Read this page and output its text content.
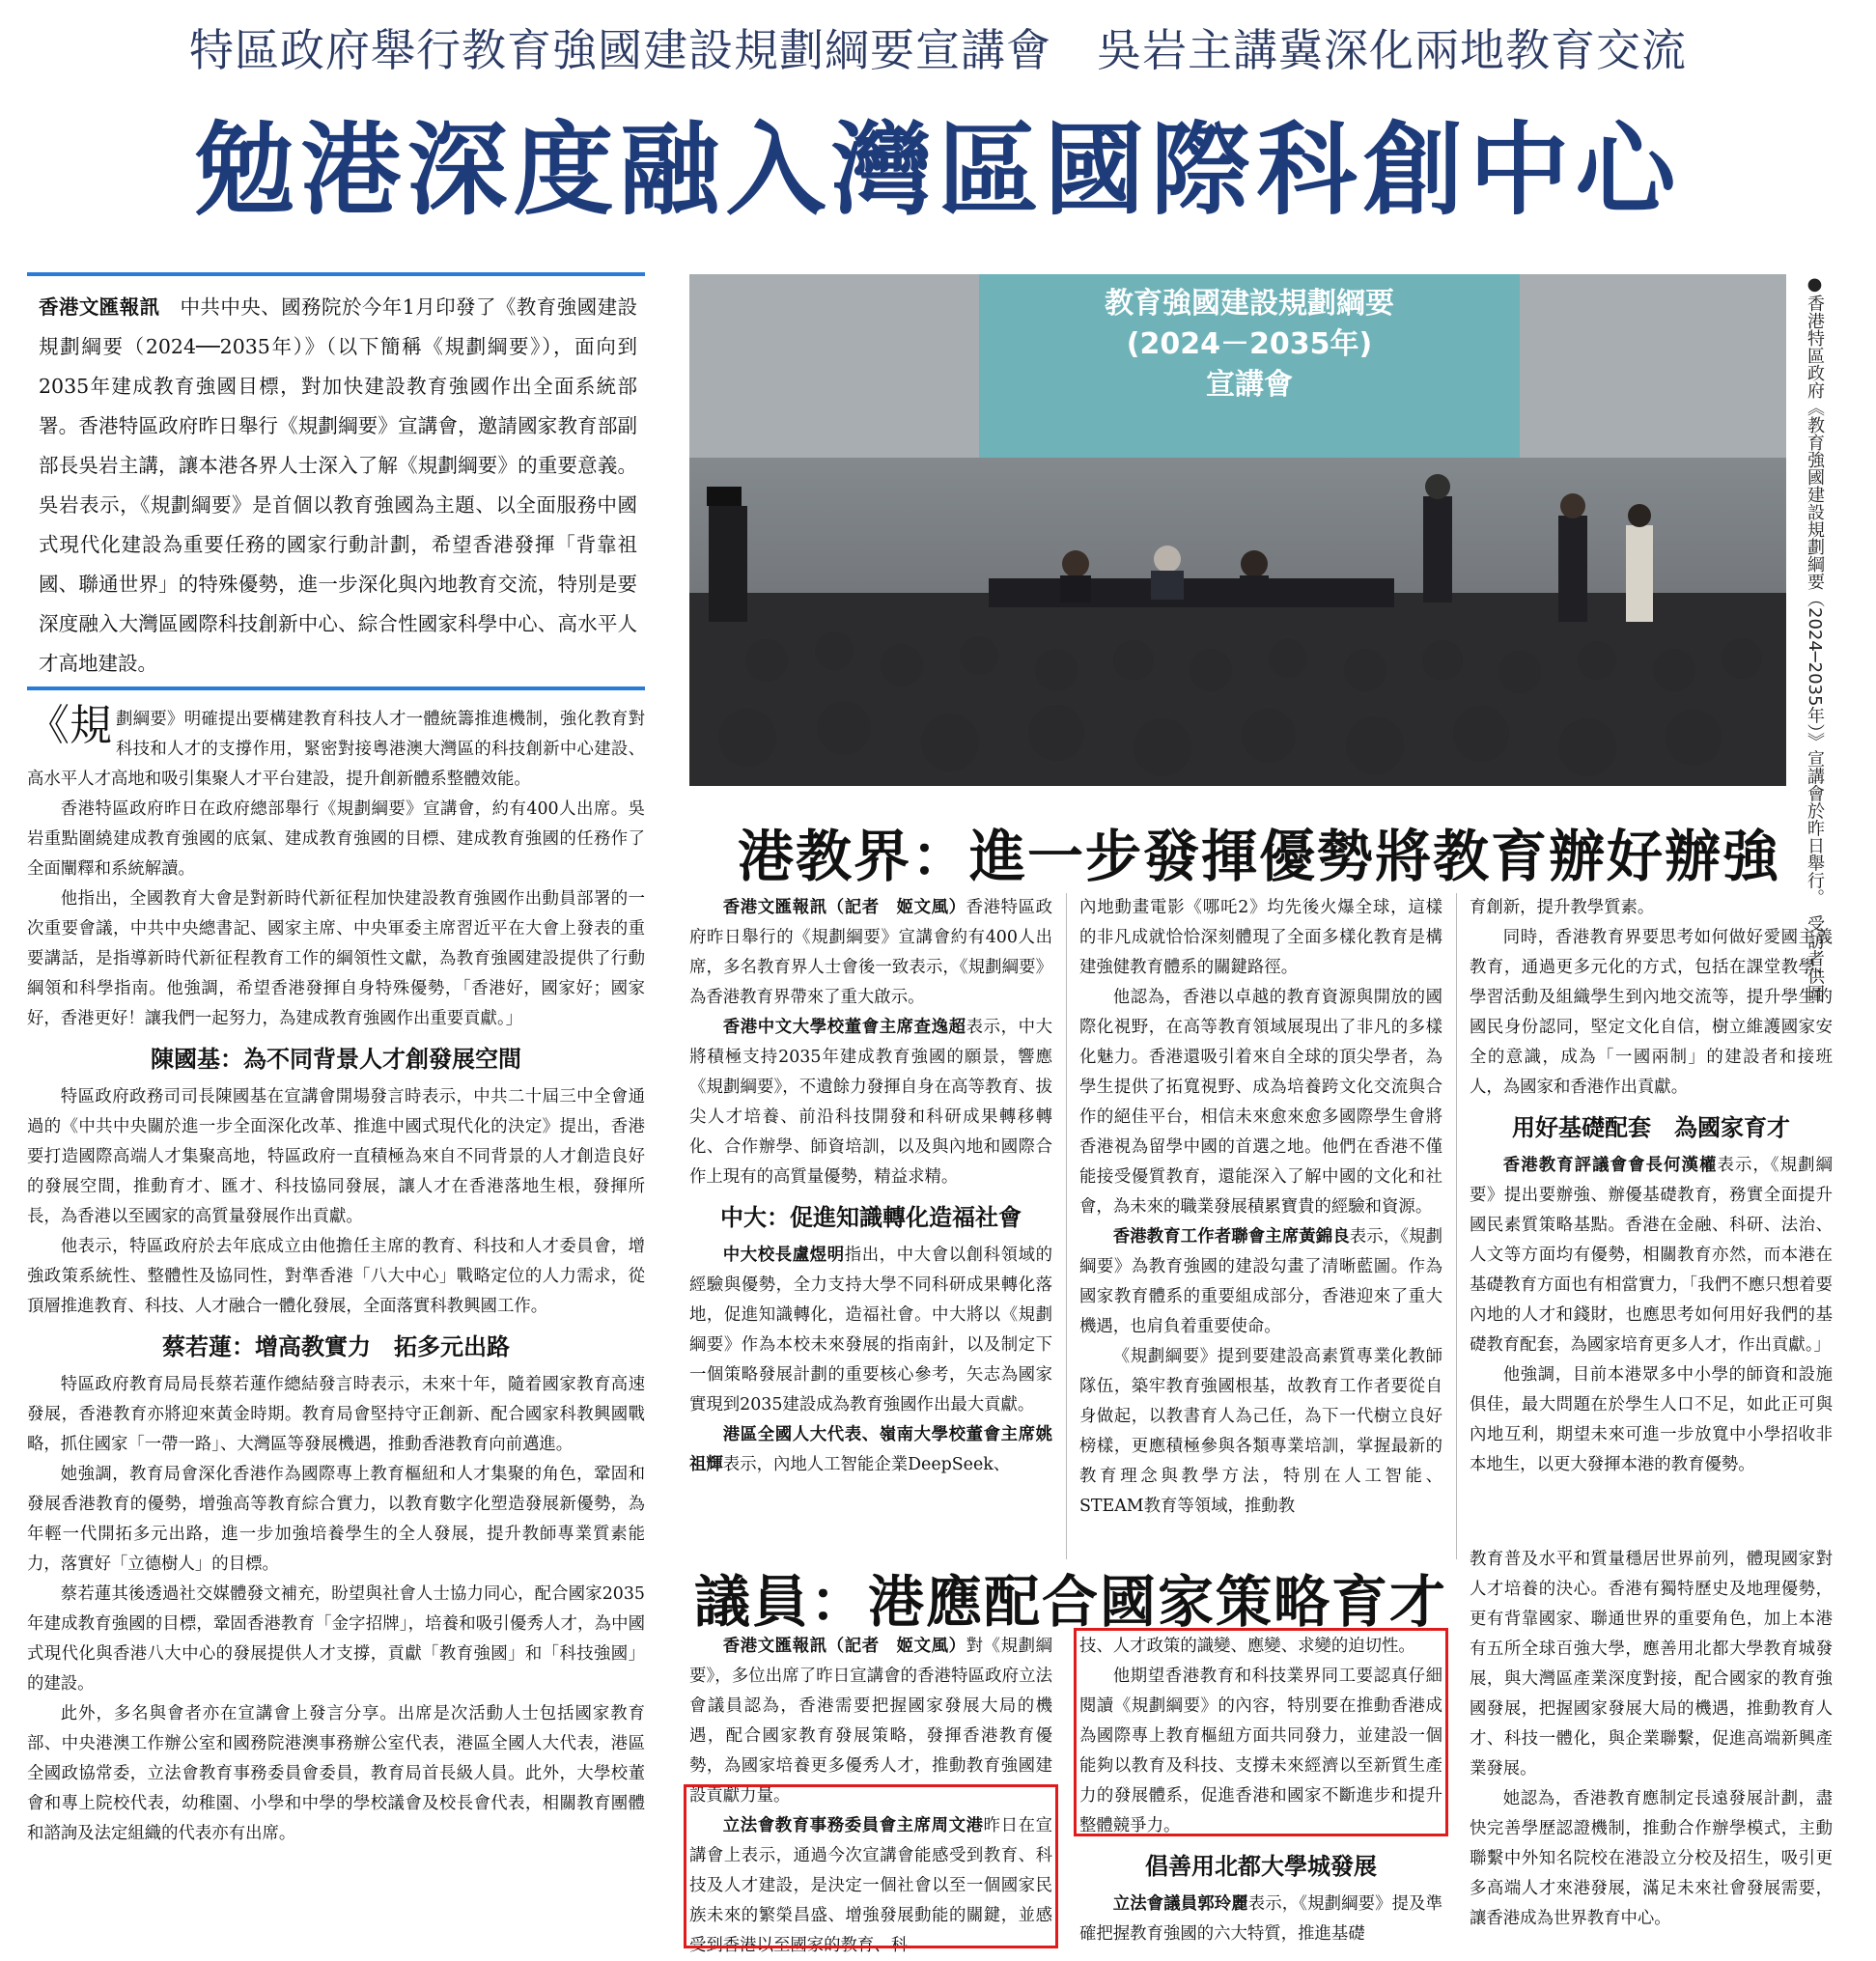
特區政府舉行教育強國建設規劃綱要宣講會　吳岩主講冀深化兩地教育交流
勉港深度融入灣區國際科創中心

香港文匯報訊　中共中央、國務院於今年1月印發了《教育強國建設規劃綱要（2024──2035年）》（以下簡稱《規劃綱要》），面向到2035年建成教育強國目標，對加快建設教育強國作出全面系統部署。香港特區政府昨日舉行《規劃綱要》宣講會，邀請國家教育部副部長吳岩主講，讓本港各界人士深入了解《規劃綱要》的重要意義。吳岩表示，《規劃綱要》是首個以教育強國為主題、以全面服務中國式現代化建設為重要任務的國家行動計劃，希望香港發揮「背靠祖國、聯通世界」的特殊優勢，進一步深化與內地教育交流，特別是要深度融入大灣區國際科技創新中心、綜合性國家科學中心、高水平人才高地建設。

《規 劃綱要》明確提出要構建教育科技人才一體統籌推進機制，強化教育對科技和人才的支撐作用，緊密對接粵港澳大灣區的科技創新中心建設、高水平人才高地和吸引集聚人才平台建設，提升創新體系整體效能。

香港特區政府昨日在政府總部舉行《規劃綱要》宣講會，約有400人出席。吳岩重點圍繞建成教育強國的底氣、建成教育強國的目標、建成教育強國的任務作了全面闡釋和系統解讀。

他指出，全國教育大會是對新時代新征程加快建設教育強國作出動員部署的一次重要會議，中共中央總書記、國家主席、中央軍委主席習近平在大會上發表的重要講話，是指導新時代新征程教育工作的綱領性文獻，為教育強國建設提供了行動綱領和科學指南。他強調，希望香港發揮自身特殊優勢，「香港好，國家好；國家好，香港更好！讓我們一起努力，為建成教育強國作出重要貢獻。」

陳國基：為不同背景人才創發展空間

特區政府政務司司長陳國基在宣講會開場發言時表示，中共二十屆三中全會通過的《中共中央關於進一步全面深化改革、推進中國式現代化的決定》提出，香港要打造國際高端人才集聚高地，特區政府一直積極為來自不同背景的人才創造良好的發展空間，推動育才、匯才、科技協同發展，讓人才在香港落地生根，發揮所長，為香港以至國家的高質量發展作出貢獻。

他表示，特區政府於去年底成立由他擔任主席的教育、科技和人才委員會，增強政策系統性、整體性及協同性，對準香港「八大中心」戰略定位的人力需求，從頂層推進教育、科技、人才融合一體化發展，全面落實科教興國工作。

蔡若蓮：增高教實力　拓多元出路

特區政府教育局局長蔡若蓮作總結發言時表示，未來十年，隨着國家教育高速發展，香港教育亦將迎來黃金時期。教育局會堅持守正創新、配合國家科教興國戰略，抓住國家「一帶一路」、大灣區等發展機遇，推動香港教育向前邁進。

她強調，教育局會深化香港作為國際專上教育樞紐和人才集聚的角色，鞏固和發展香港教育的優勢，增強高等教育綜合實力，以教育數字化塑造發展新優勢，為年輕一代開拓多元出路，進一步加強培養學生的全人發展，提升教師專業質素能力，落實好「立德樹人」的目標。

蔡若蓮其後透過社交媒體發文補充，盼望與社會人士協力同心，配合國家2035年建成教育強國的目標，鞏固香港教育「金字招牌」，培養和吸引優秀人才，為中國式現代化與香港八大中心的發展提供人才支撐，貢獻「教育強國」和「科技強國」的建設。

此外，多名與會者亦在宣講會上發言分享。出席是次活動人士包括國家教育部、中央港澳工作辦公室和國務院港澳事務辦公室代表，港區全國人大代表，港區全國政協常委，立法會教育事務委員會委員，教育局首長級人員。此外，大學校董會和專上院校代表，幼稚園、小學和中學的學校議會及校長會代表，相關教育團體和諮詢及法定組織的代表亦有出席。

教育強國建設規劃綱要
(2024－2035年)
宣講會	●香港特區政府《教育強國建設規劃綱要（2024─2035年）》宣講會於昨日舉行。　受訪者供圖
港教界：進一步發揮優勢將教育辦好辦強

香港文匯報訊（記者　姬文風）香港特區政府昨日舉行的《規劃綱要》宣講會約有400人出席，多名教育界人士會後一致表示，《規劃綱要》為香港教育界帶來了重大啟示。

香港中文大學校董會主席查逸超表示，中大將積極支持2035年建成教育強國的願景，響應《規劃綱要》，不遺餘力發揮自身在高等教育、拔尖人才培養、前沿科技開發和科研成果轉移轉化、合作辦學、師資培訓，以及與內地和國際合作上現有的高質量優勢，精益求精。

中大：促進知識轉化造福社會

中大校長盧煜明指出，中大會以創科領域的經驗與優勢，全力支持大學不同科研成果轉化落地，促進知識轉化，造福社會。中大將以《規劃綱要》作為本校未來發展的指南針，以及制定下一個策略發展計劃的重要核心參考，矢志為國家實現到2035建設成為教育強國作出最大貢獻。

港區全國人大代表、嶺南大學校董會主席姚祖輝表示，內地人工智能企業DeepSeek、

內地動畫電影《哪吒2》均先後火爆全球，這樣的非凡成就恰恰深刻體現了全面多樣化教育是構建強健教育體系的關鍵路徑。

他認為，香港以卓越的教育資源與開放的國際化視野，在高等教育領域展現出了非凡的多樣化魅力。香港還吸引着來自全球的頂尖學者，為學生提供了拓寬視野、成為培養跨文化交流與合作的絕佳平台，相信未來愈來愈多國際學生會將香港視為留學中國的首選之地。他們在香港不僅能接受優質教育，還能深入了解中國的文化和社會，為未來的職業發展積累寶貴的經驗和資源。

香港教育工作者聯會主席黃錦良表示，《規劃綱要》為教育強國的建設勾畫了清晰藍圖。作為國家教育體系的重要組成部分，香港迎來了重大機遇，也肩負着重要使命。

《規劃綱要》提到要建設高素質專業化教師隊伍，築牢教育強國根基，故教育工作者要從自身做起，以教書育人為己任，為下一代樹立良好榜樣，更應積極參與各類專業培訓，掌握最新的教育理念與教學方法，特別在人工智能、STEAM教育等領域，推動教

育創新，提升教學質素。

同時，香港教育界要思考如何做好愛國主義教育，通過更多元化的方式，包括在課堂教學、學習活動及組織學生到內地交流等，提升學生的國民身份認同，堅定文化自信，樹立維護國家安全的意識，成為「一國兩制」的建設者和接班人，為國家和香港作出貢獻。

用好基礎配套　為國家育才

香港教育評議會會長何漢權表示，《規劃綱要》提出要辦強、辦優基礎教育，務實全面提升國民素質策略基點。香港在金融、科研、法治、人文等方面均有優勢，相關教育亦然，而本港在基礎教育方面也有相當實力，「我們不應只想着要內地的人才和錢財，也應思考如何用好我們的基礎教育配套，為國家培育更多人才，作出貢獻。」

他強調，目前本港眾多中小學的師資和設施俱佳，最大問題在於學生人口不足，如此正可與內地互利，期望未來可進一步放寬中小學招收非本地生，以更大發揮本港的教育優勢。

議員：港應配合國家策略育才

香港文匯報訊（記者　姬文風）對《規劃綱要》，多位出席了昨日宣講會的香港特區政府立法會議員認為，香港需要把握國家發展大局的機遇，配合國家教育發展策略，發揮香港教育優勢，為國家培養更多優秀人才，推動教育強國建設貢獻力量。

立法會教育事務委員會主席周文港昨日在宣講會上表示，通過今次宣講會能感受到教育、科技及人才建設，是決定一個社會以至一個國家民族未來的繁榮昌盛、增強發展動能的關鍵，並感受到香港以至國家的教育、科

技、人才政策的識變、應變、求變的迫切性。

他期望香港教育和科技業界同工要認真仔細閱讀《規劃綱要》的內容，特別要在推動香港成為國際專上教育樞紐方面共同發力，並建設一個能夠以教育及科技、支撐未來經濟以至新質生產力的發展體系，促進香港和國家不斷進步和提升整體競爭力。

倡善用北都大學城發展

立法會議員郭玲麗表示，《規劃綱要》提及準確把握教育強國的六大特質，推進基礎

教育普及水平和質量穩居世界前列，體現國家對人才培養的決心。香港有獨特歷史及地理優勢，更有背靠國家、聯通世界的重要角色，加上本港有五所全球百強大學，應善用北都大學教育城發展，與大灣區產業深度對接，配合國家的教育強國發展，把握國家發展大局的機遇，推動教育人才、科技一體化，與企業聯繫，促進高端新興產業發展。

她認為，香港教育應制定長遠發展計劃，盡快完善學歷認證機制，推動合作辦學模式，主動聯繫中外知名院校在港設立分校及招生，吸引更多高端人才來港發展，滿足未來社會發展需要，讓香港成為世界教育中心。
